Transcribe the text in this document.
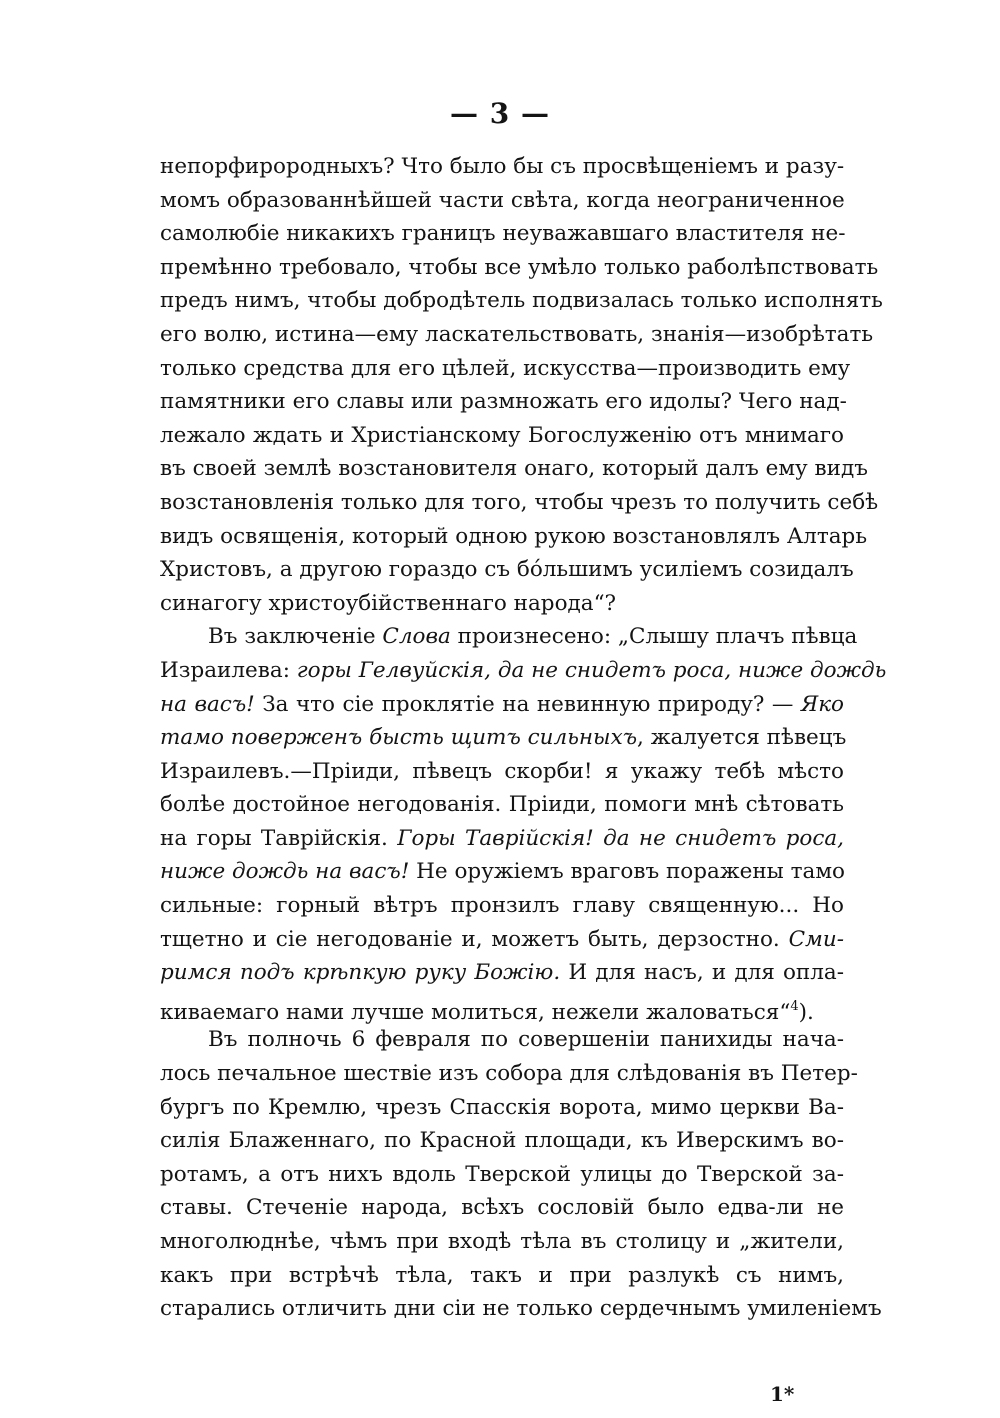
— 3 —
непорфирородныхъ? Что было бы съ просвѣщеніемъ и разу-
момъ образованнѣйшей части свѣта, когда неограниченное
самолюбіе никакихъ границъ неуважавшаго властителя не-
премѣнно требовало, чтобы все умѣло только раболѣпствовать
предъ нимъ, чтобы добродѣтель подвизалась только исполнять
его волю, истина—ему ласкательствовать, знанія—изобрѣтать
только средства для его цѣлей, искусства—производить ему
памятники его славы или размножать его идолы? Чего над-
лежало ждать и Христіанскому Богослуженію отъ мнимаго
въ своей землѣ возстановителя онаго, который далъ ему видъ
возстановленія только для того, чтобы чрезъ то получить себѣ
видъ освященія, который одною рукою возстановлялъ Алтарь
Христовъ, а другою гораздо съ бóльшимъ усиліемъ созидалъ
синагогу христоубійственнаго народа“?
Въ заключеніе Слова произнесено: „Слышу плачъ пѣвца
Израилева: горы Гелвуйскія, да не снидетъ роса, ниже дождь
на васъ! За что сіе проклятіе на невинную природу? — Яко
тамо поверженъ бысть щитъ сильныхъ, жалуется пѣвецъ
Израилевъ.—Пріиди, пѣвецъ скорби! я укажу тебѣ мѣсто
болѣе достойное негодованія. Пріиди, помоги мнѣ сѣтовать
на горы Таврійскія. Горы Таврійскія! да не снидетъ роса,
ниже дождь на васъ! Не оружіемъ враговъ поражены тамо
сильные: горный вѣтръ пронзилъ главу священную... Но
тщетно и сіе негодованіе и, можетъ быть, дерзостно. Сми-
римся подъ крѣпкую руку Божію. И для насъ, и для опла-
киваемаго нами лучше молиться, нежели жаловаться“$^4$).
Въ полночь 6 февраля по совершеніи панихиды нача-
лось печальное шествіе изъ собора для слѣдованія въ Петер-
бургъ по Кремлю, чрезъ Спасскія ворота, мимо церкви Ва-
силія Блаженнаго, по Красной площади, къ Иверскимъ во-
ротамъ, а отъ нихъ вдоль Тверской улицы до Тверской за-
ставы. Стеченіе народа, всѣхъ сословій было едва-ли не
многолюднѣе, чѣмъ при входѣ тѣла въ столицу и „жители,
какъ при встрѣчѣ тѣла, такъ и при разлукѣ съ нимъ,
старались отличить дни сіи не только сердечнымъ умиленіемъ
1*
